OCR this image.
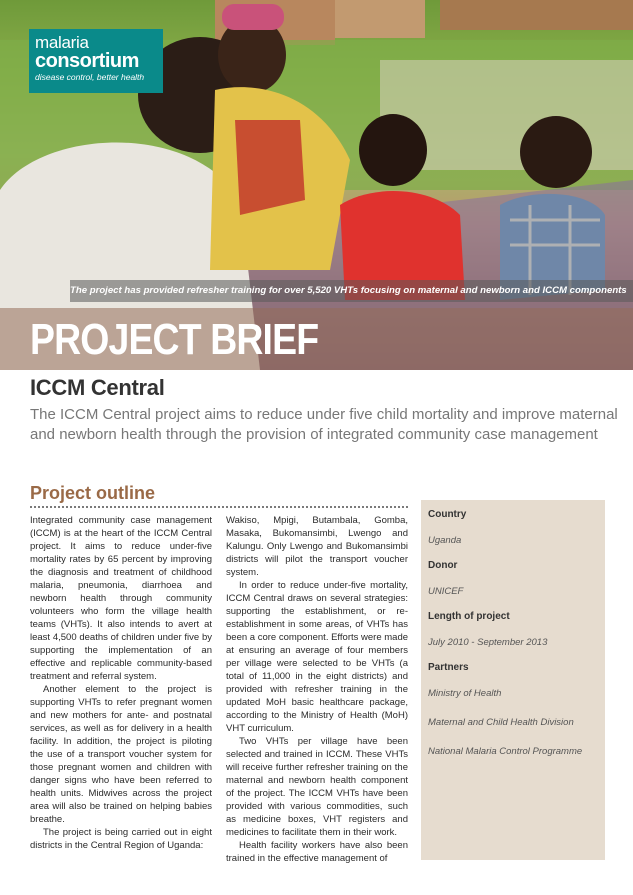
malaria
consortium
disease control, better health
The project has provided refresher training for over 5,520 VHTs focusing on maternal and newborn and ICCM components
PROJECT BRIEF
ICCM Central
The ICCM Central project aims to reduce under five child mortality and improve maternal and newborn health through the provision of integrated community case management
Project outline

Integrated community case management (ICCM) is at the heart of the ICCM Central project. It aims to reduce under-five mortality rates by 65 percent by improving the diagnosis and treatment of childhood malaria, pneumonia, diarrhoea and newborn health through community volunteers who form the village health teams (VHTs). It also intends to avert at least 4,500 deaths of children under five by supporting the implementation of an effective and replicable community-based treatment and referral system.

Another element to the project is supporting VHTs to refer pregnant women and new mothers for ante- and postnatal services, as well as for delivery in a health facility. In addition, the project is piloting the use of a transport voucher system for those pregnant women and children with danger signs who have been referred to health units. Midwives across the project area will also be trained on helping babies breathe.

The project is being carried out in eight districts in the Central Region of Uganda:

Wakiso, Mpigi, Butambala, Gomba, Masaka, Bukomansimbi, Lwengo and Kalungu. Only Lwengo and Bukomansimbi districts will pilot the transport voucher system.

In order to reduce under-five mortality, ICCM Central draws on several strategies: supporting the establishment, or re-establishment in some areas, of VHTs has been a core component. Efforts were made at ensuring an average of four members per village were selected to be VHTs (a total of 11,000 in the eight districts) and provided with refresher training in the updated MoH basic healthcare package, according to the Ministry of Health (MoH) VHT curriculum.

Two VHTs per village have been selected and trained in ICCM. These VHTs will receive further refresher training on the maternal and newborn health component of the project. The ICCM VHTs have been provided with various commodities, such as medicine boxes, VHT registers and medicines to facilitate them in their work.

Health facility workers have also been trained in the effective management of

Country
Uganda
Donor
UNICEF
Length of project
July 2010 - September 2013
Partners
Ministry of Health
Maternal and Child Health Division
National Malaria Control Programme
